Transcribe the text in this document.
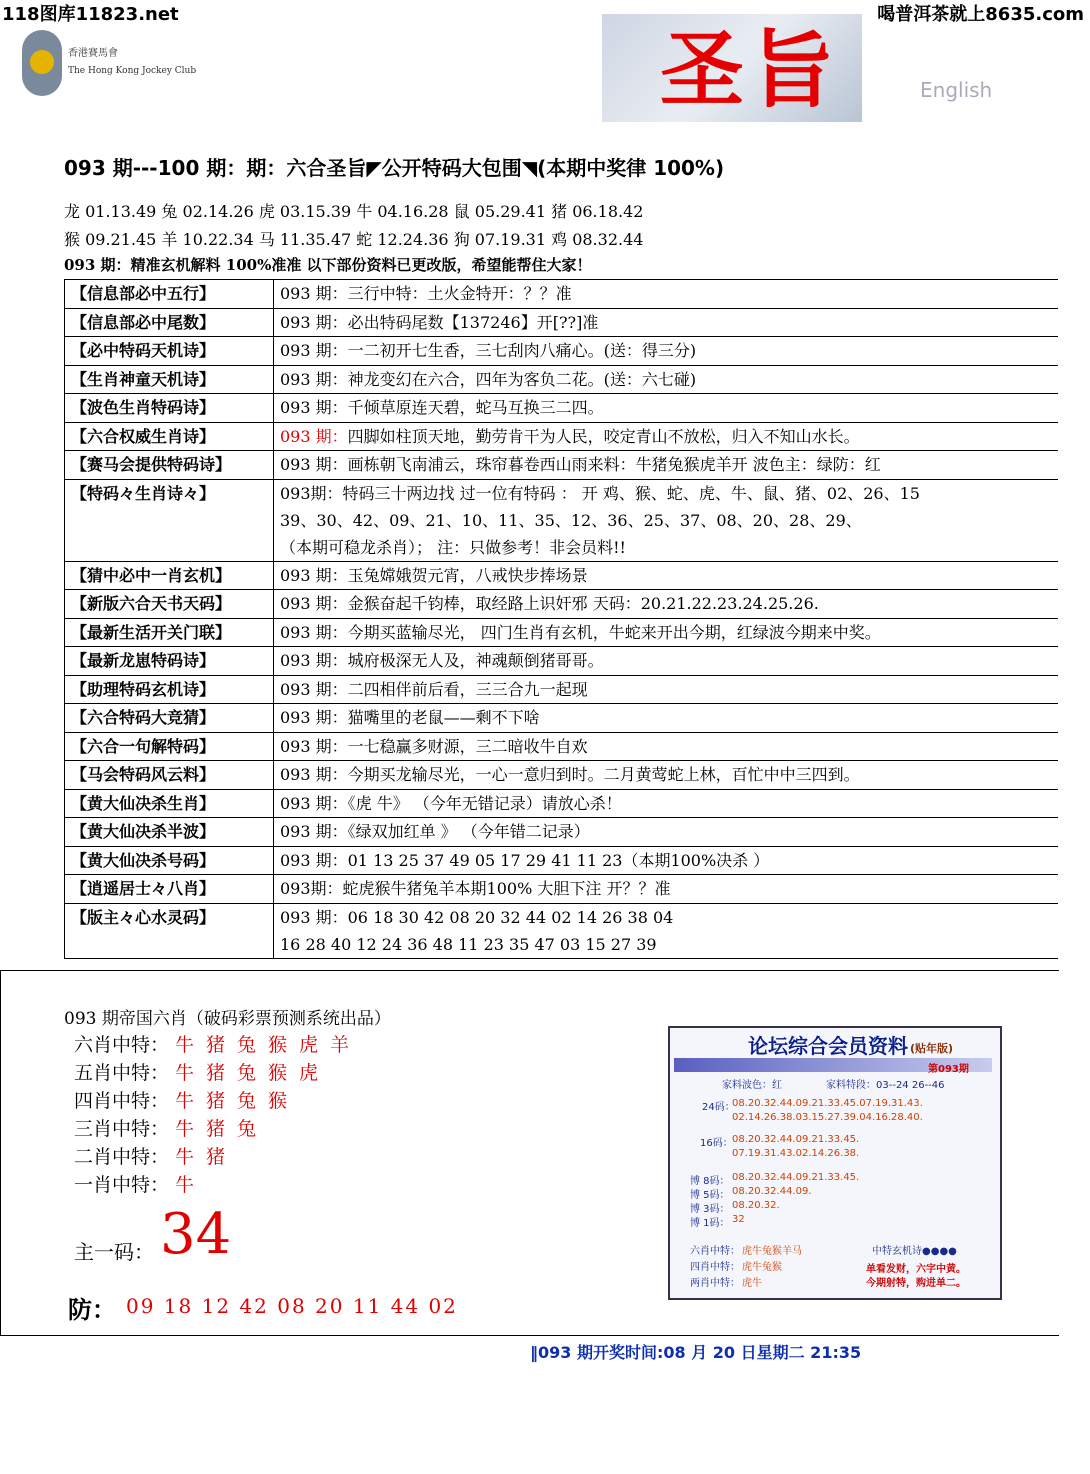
118图库11823.net	喝普洱茶就上8635.com
香港賽馬會
The Hong Kong Jockey Club	圣旨	English
093 期---100 期：期：六合圣旨◤公开特码大包围◥(本期中奖律 100%)
龙 01.13.49 兔 02.14.26 虎 03.15.39 牛 04.16.28 鼠 05.29.41 猪 06.18.42
猴 09.21.45 羊 10.22.34 马 11.35.47 蛇 12.24.36 狗 07.19.31 鸡 08.32.44
093 期：精准玄机解料 100%准准 以下部份资料已更改版，希望能帮住大家！
【信息部必中五行】	093 期：三行中特：土火金特开：？？准
【信息部必中尾数】	093 期：必出特码尾数【137246】开[??]准
【必中特码天机诗】	093 期：一二初开七生香，三七刮肉八痛心。(送：得三分)
【生肖神童天机诗】	093 期：神龙变幻在六合，四年为客负二花。(送：六七碰)
【波色生肖特码诗】	093 期：千倾草原连天碧，蛇马互换三二四。
【六合权威生肖诗】	093 期：四脚如柱顶天地，勤劳肯干为人民，咬定青山不放松，归入不知山水长。
【赛马会提供特码诗】	093 期：画栋朝飞南浦云，珠帘暮卷西山雨来料：牛猪兔猴虎羊开 波色主：绿防：红
【特码々生肖诗々】	093期：特码三十两边找 过一位有特码 ： 开 鸡、猴、蛇、虎、牛、鼠、猪、02、26、15
39、30、42、09、21、10、11、35、12、36、25、37、08、20、28、29、
（本期可稳龙杀肖）； 注：只做参考！非会员料!!

【猜中必中一肖玄机】	093 期：玉兔嫦娥贺元宵，八戒快步捧场景
【新版六合天书天码】	093 期：金猴奋起千钧棒，取经路上识奸邪 天码：20.21.22.23.24.25.26.
【最新生活开关门联】	093 期：今期买蓝输尽光， 四门生肖有玄机，牛蛇来开出今期，红绿波今期来中奖。
【最新龙崽特码诗】	093 期：城府极深无人及，神魂颠倒猪哥哥。
【助理特码玄机诗】	093 期：二四相伴前后看，三三合九一起现
【六合特码大竞猜】	093 期：猫嘴里的老鼠——剩不下啥
【六合一句解特码】	093 期：一七稳赢多财源，三二暗收牛自欢
【马会特码风云料】	093 期：今期买龙输尽光，一心一意归到时。二月黄莺蛇上林，百忙中中三四到。
【黄大仙决杀生肖】	093 期：《虎 牛》 （今年无错记录）请放心杀！
【黄大仙决杀半波】	093 期：《绿双加红单 》 （今年错二记录）
【黄大仙决杀号码】	093 期：01 13 25 37 49 05 17 29 41 11 23（本期100%决杀 ）
【逍遥居士々八肖】	093期：蛇虎猴牛猪兔羊本期100% 大胆下注 开？？准
【版主々心水灵码】	093 期：06 18 30 42 08 20 32 44 02 14 26 38 04
16 28 40 12 24 36 48 11 23 35 47 03 15 27 39
093 期帝国六肖（破码彩票预测系统出品）
六肖中特： 牛猪兔猴虎羊
五肖中特： 牛猪兔猴虎
四肖中特： 牛猪兔猴
三肖中特： 牛猪兔
二肖中特： 牛猪
一肖中特： 牛
主一码： 34
防： 09 18 12 42 08 20 11 44 02
论坛综合会员资料 (贴年版)
第093期
家料波色：红	家料特段：03--24 26--46
24码：
08.20.32.44.09.21.33.45.07.19.31.43.
02.14.26.38.03.15.27.39.04.16.28.40.
16码： 08.20.32.44.09.21.33.45.
07.19.31.43.02.14.26.38.
博 8码： 08.20.32.44.09.21.33.45.
博 5码： 08.20.32.44.09.
博 3码： 08.20.32.
博 1码： 32
六肖中特： 虎牛兔猴羊马
四肖中特： 虎牛兔猴
两肖中特： 虎牛
中特玄机诗●●●●
单看发财，六字中黄。
今期射特，购进单二。
‖093 期开奖时间:08 月 20 日星期二 21:35
